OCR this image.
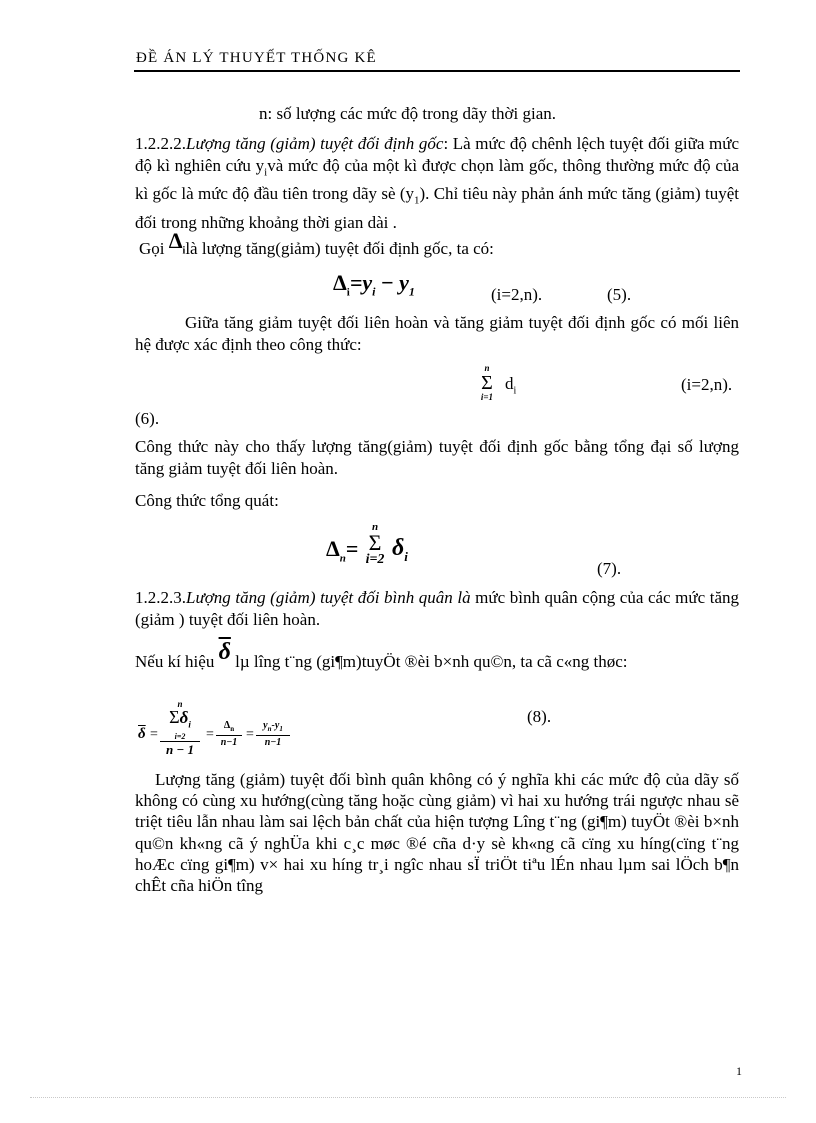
ĐỀ ÁN LÝ THUYẾT THỐNG KÊ
n: số lượng các mức độ trong dãy thời gian.
1.2.2.2.Lượng tăng (giảm) tuyệt đối định gốc: Là mức độ chênh lệch tuyệt đối giữa mức độ kì nghiên cứu $y_ivà$ mức độ của một kì được chọn làm gốc, thông thường mức độ của kì gốc là mức độ đầu tiên trong dãy sè $(y_1)$. Chỉ tiêu này phản ánh mức tăng (giảm) tuyệt đối trong những khoảng thời gian dài .
Gọi $\Delta_ilà$ lượng tăng(giảm) tuyệt đối định gốc, ta có:
$\Delta_i=y_i - y_1$	(i=2,n).	(5).
Giữa tăng giảm tuyệt đối liên hoàn và tăng giảm tuyệt đối định gốc có mối liên hệ được xác định theo công thức:
n
Σ
i=1
$d_i$	(i=2,n).
(6).
Công thức này cho thấy lượng tăng(giảm) tuyệt đối định gốc bằng tổng đại số lượng tăng giảm tuyệt đối liên hoàn.
Công thức tổng quát:
$\Delta_n=$
n
Σ
i=2 $\delta_i$
(7).
1.2.2.3.Lượng tăng (giảm) tuyệt đối bình quân là mức bình quân cộng của các mức tăng (giảm ) tuyệt đối liên hoàn.
Nếu kí hiệu $\overline{\delta}$ lµ lîng t¨ng (gi¶m)tuyÖt ®èi b×nh qu©n, ta cã c«ng thøc:
$\overline{\delta}$ =
n
$\Sigma\delta_i$
i=2
n − 1
=
$\Delta_n$
n−1
=
$y_n-y_1$
n−1
(8).
Lượng tăng (giảm) tuyệt đối bình quân không có ý nghĩa khi các mức độ của dãy số không có cùng xu hướng(cùng tăng hoặc cùng giảm) vì hai xu hướng trái ngược nhau sẽ triệt tiêu lẫn nhau làm sai lệch bản chất của hiện tượng Lîng t¨ng (gi¶m) tuyÖt ®èi b×nh qu©n kh«ng cã ý nghÜa khi c¸c møc ®é cña d·y sè kh«ng cã cïng xu híng(cïng t¨ng hoÆc cïng gi¶m) v× hai xu híng tr¸i ngîc nhau sÏ triÖt tiªu lÉn nhau lµm sai lÖch b¶n chÊt cña hiÖn tîng
1
